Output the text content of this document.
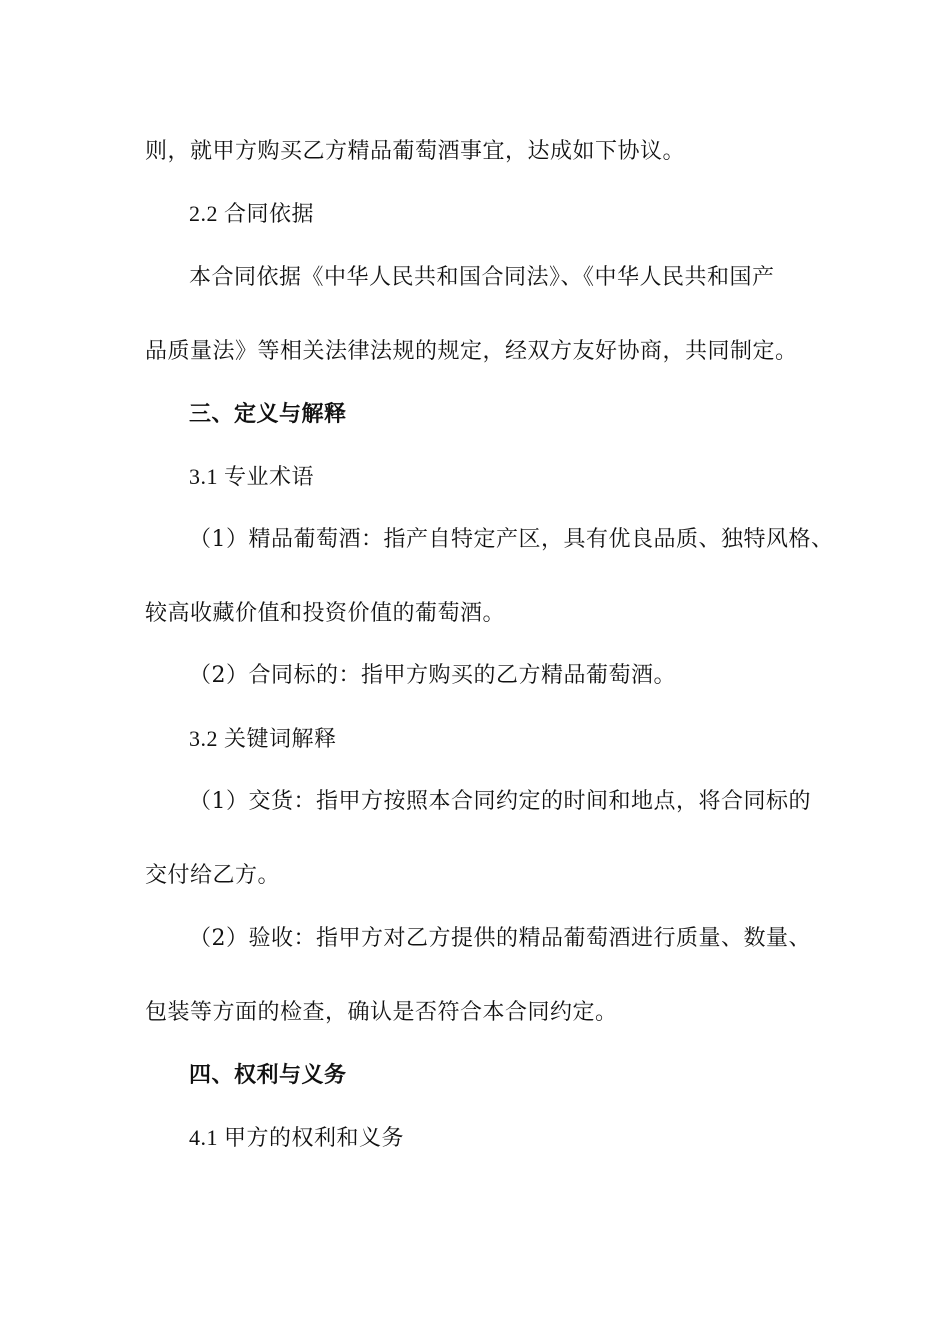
则，就甲方购买乙方精品葡萄酒事宜，达成如下协议。
2.2 合同依据
本合同依据《中华人民共和国合同法》、《中华人民共和国产
品质量法》等相关法律法规的规定，经双方友好协商，共同制定。
三、定义与解释
3.1 专业术语
（1）精品葡萄酒：指产自特定产区，具有优良品质、独特风格、
较高收藏价值和投资价值的葡萄酒。
（2）合同标的：指甲方购买的乙方精品葡萄酒。
3.2 关键词解释
（1）交货：指甲方按照本合同约定的时间和地点，将合同标的
交付给乙方。
（2）验收：指甲方对乙方提供的精品葡萄酒进行质量、数量、
包装等方面的检查，确认是否符合本合同约定。
四、权利与义务
4.1 甲方的权利和义务
